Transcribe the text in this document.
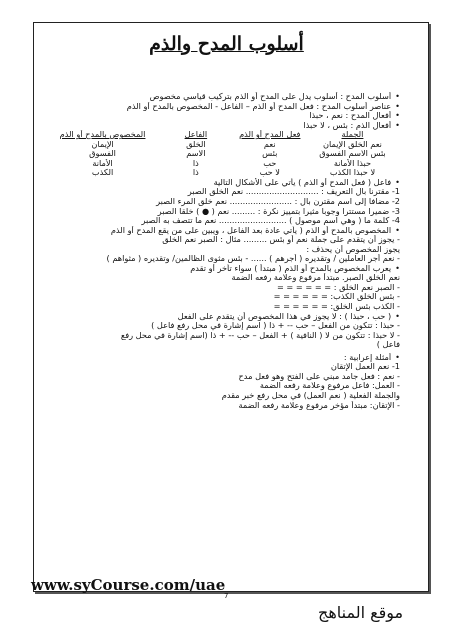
أسلوب المدح والذم
• أسلوب المدح : أسلوب يدل على المدح أو الذم بتركيب قياسي مخصوص
• عناصر أسلوب المدح : فعل المدح أو الذم – الفاعل - المخصوص بالمدح أو الذم
• أفعال المدح : نعم ، حبذا
• أفعال الذم : بئس ، لا حبذا
الجملة	فعل المدح أو الذم	الفاعل	المخصوص بالمدح أو الذم
نعم الخلق الإيمان	نعم	الخلق	الإيمان
بئس الاسم الفسوق	بئس	الاسم	الفسوق
حبذا الأمانة	حب	ذا	الأمانة
لا حبذا الكذب	لا حب	ذا	الكذب
• فاعل ( فعل المدح أو الذم ) يأتي على الأشكال التالية
1- مقترنا بال التعريف : ............................ نعم الخلق الصبر
2- مضافا إلى اسم مقترن بال : ........................ نعم خلق المرء الصبر
3- ضميرا مستترا وجوبا مثيرا بتمييز نكرة : ......... نعم ( ● ) خلقا الصبر
4- كلمة ما ( وهي اسم موصول ) .......................... نعم ما تتصف به الصبر
• المخصوص بالمدح أو الذم ( يأتي عادة بعد الفاعل ، ويبين على من يقع المدح أو الذم
- يجوز أن يتقدم على جملة نعم أو بئس ......... مثال : الصبر نعم الخلق
يجوز المخصوص أن يحذف :
- نعم أجر العاملين / وتقديره ( أجرهم ) ...... - بئس مثوى الظالمين/ وتقديره ( مثواهم )
• يعرب المخصوص بالمدح أو الذم ( مبتدأ ) سواء تأخر أو تقدم
نعم الخلق الصبر. مبتدأ مرفوع وعلامة رفعه الضمة
- الصبر نعم الخلق : = = = = = =
- بئس الخلق الكذب: = = = = = =
- الكذب بئس الخلق: = = = = = =
• ( حب ، حبذا ) : لا يجوز في هذا المخصوص أن يتقدم على الفعل
- حبذا : تتكون من الفعل – حب -- + ذا ( اسم إشارة في محل رفع فاعل )
- لا حبذا : تتكون من لا ( النافية ) + الفعل – حب -- + ذا (اسم إشارة في محل رفع
فاعل )
• أمثلة إعرابية :
1- نعم العمل الإتقان
- نعم : فعل جامد مبني على الفتح وهو فعل مدح
- العمل: فاعل مرفوع وعلامة رفعه الضمة
والجملة الفعلية ( نعم العمل) في محل رفع خبر مقدم
- الإتقان: مبتدأ مؤخر مرفوع وعلامة رفعه الضمة
www.syCourse.com/uae
7
موقع المناهج
